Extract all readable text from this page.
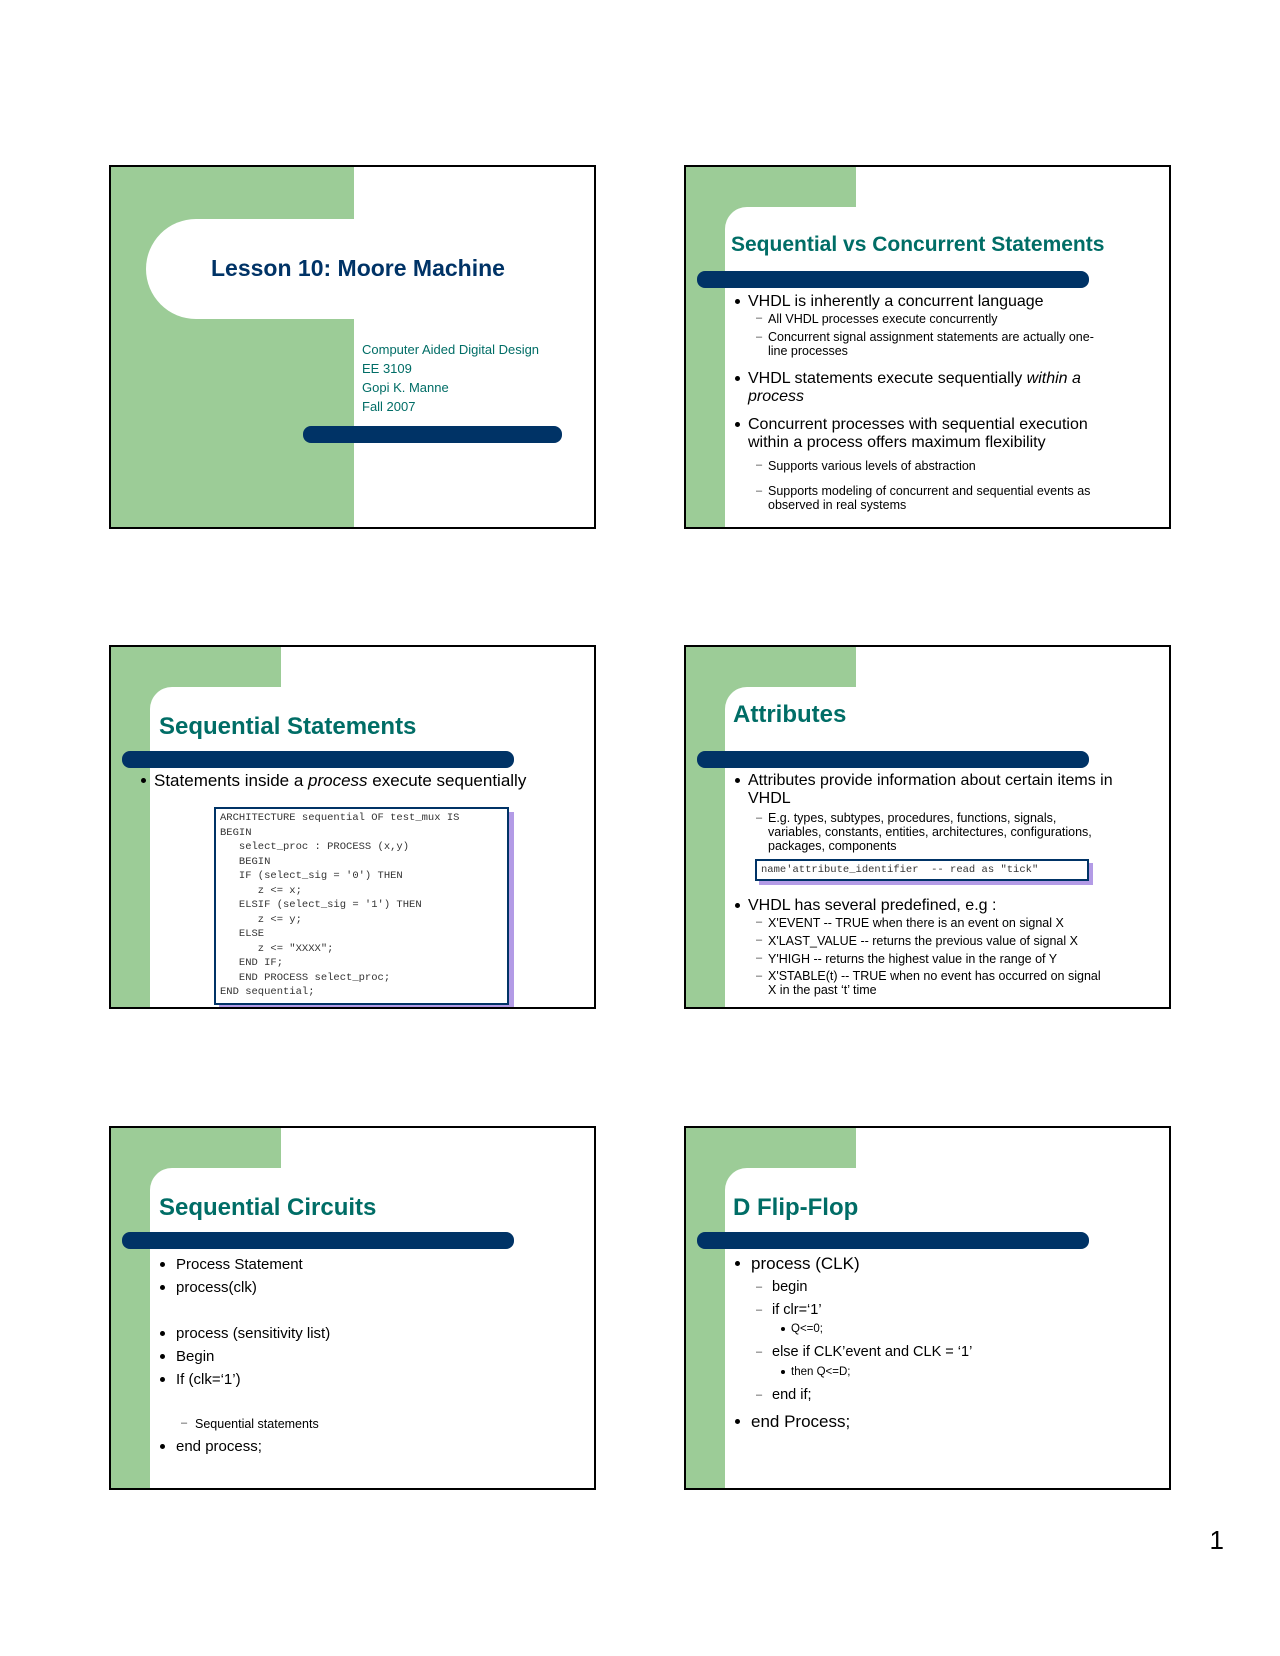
Lesson 10: Moore Machine
Computer Aided Digital Design
EE 3109
Gopi K. Manne
Fall 2007
Sequential vs Concurrent Statements
VHDL is inherently a concurrent language
– All VHDL processes execute concurrently
– Concurrent signal assignment statements are actually one-
line processes
VHDL statements execute sequentially within a
process
Concurrent processes with sequential execution
within a process offers maximum flexibility
– Supports various levels of abstraction
– Supports modeling of concurrent and sequential events as
observed in real systems
Sequential Statements
Statements inside a process execute sequentially
ARCHITECTURE sequential OF test_mux IS
BEGIN
select_proc : PROCESS (x,y)
BEGIN
IF (select_sig = '0') THEN
z <= x;
ELSIF (select_sig = '1') THEN
z <= y;
ELSE
z <= "XXXX";
END IF;
END PROCESS select_proc;
END sequential;
Attributes
Attributes provide information about certain items in
VHDL
– E.g. types, subtypes, procedures, functions, signals,
variables, constants, entities, architectures, configurations,
packages, components
name'attribute_identifier  -- read as "tick"
VHDL has several predefined, e.g :
– X'EVENT -- TRUE when there is an event on signal X
– X'LAST_VALUE -- returns the previous value of signal X
– Y'HIGH -- returns the highest value in the range of Y
– X'STABLE(t) -- TRUE when no event has occurred on signal
X in the past ‘t’ time
Sequential Circuits
Process Statement
process(clk)
process (sensitivity list)
Begin
If (clk=‘1’)
– Sequential statements
end process;
D Flip-Flop
process (CLK)
– begin
– if clr=‘1’
Q<=0;
– else if CLK’event and CLK = ‘1’
then Q<=D;
– end if;
end Process;
1
